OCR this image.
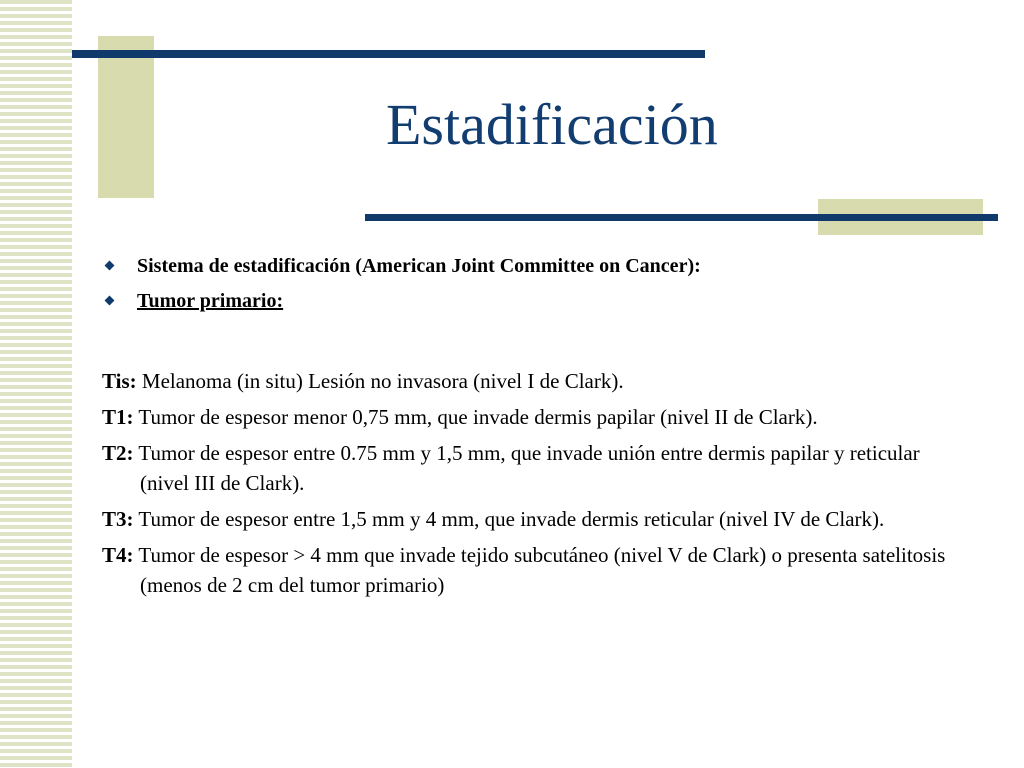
Estadificación
Sistema de estadificación (American Joint Committee on Cancer):
Tumor primario:
Tis: Melanoma (in situ) Lesión no invasora (nivel I de Clark).
T1: Tumor de espesor menor 0,75 mm, que invade dermis papilar (nivel II de Clark).
T2: Tumor de espesor entre 0.75 mm y 1,5 mm, que invade unión entre dermis papilar y reticular (nivel III de Clark).
T3: Tumor de espesor entre 1,5 mm y 4 mm, que invade dermis reticular (nivel IV de Clark).
T4: Tumor de espesor > 4 mm que invade tejido subcutáneo (nivel V de Clark) o presenta satelitosis (menos de 2 cm del tumor primario)
